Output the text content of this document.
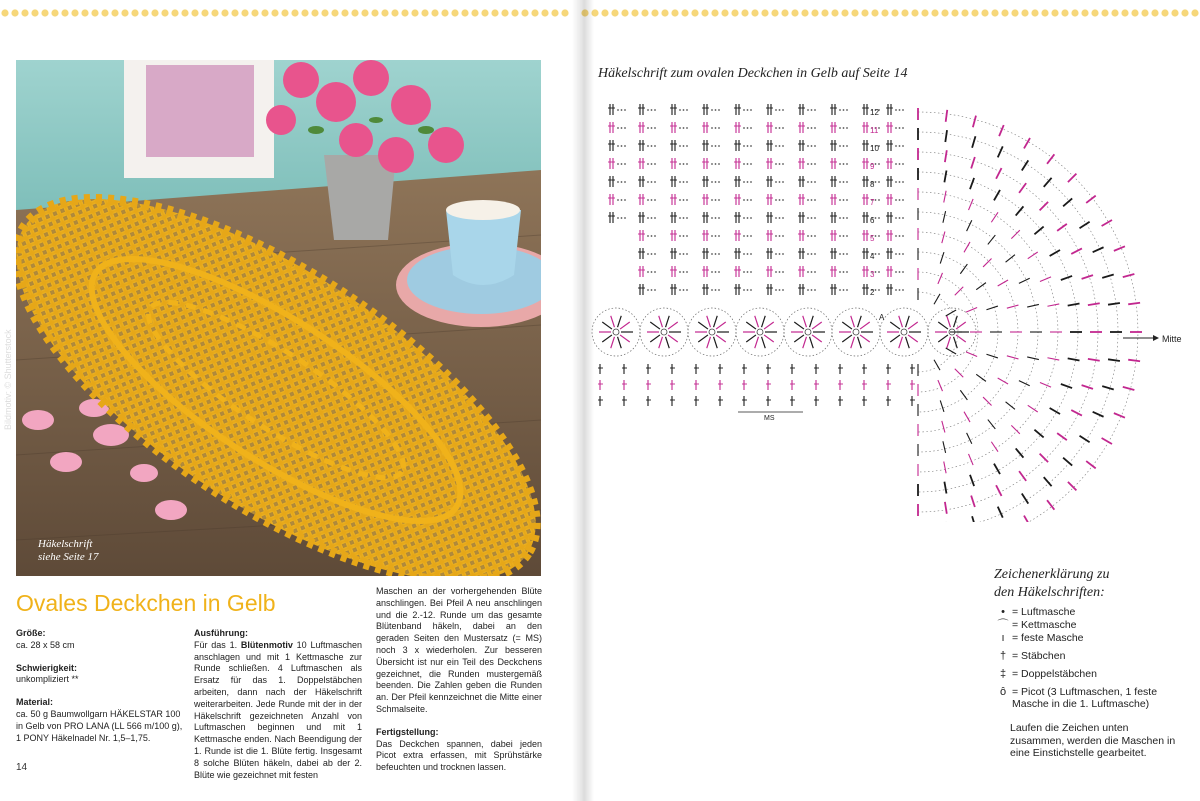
Bildmotiv: © Shutterstock
Häkelschrift
siehe Seite 17
Ovales Deckchen in Gelb
Größe:
ca. 28 x 58 cm
Schwierigkeit:
unkompliziert **
Material:
ca. 50 g Baumwollgarn HÄKELSTAR 100 in Gelb von PRO LANA (LL 566 m/100 g), 1 PONY Häkelnadel Nr. 1,5–1,75.
Ausführung:
Für das 1. Blütenmotiv 10 Luftmaschen anschlagen und mit 1 Kettmasche zur Runde schließen. 4 Luftmaschen als Ersatz für das 1. Doppelstäbchen arbeiten, dann nach der Häkelschrift weiterarbeiten. Jede Runde mit der in der Häkelschrift gezeichneten Anzahl von Luftmaschen beginnen und mit 1 Kettmasche enden. Nach Beendigung der 1. Runde ist die 1. Blüte fertig. Insgesamt 8 solche Blüten häkeln, dabei ab der 2. Blüte wie gezeichnet mit festen
Maschen an der vorhergehenden Blüte anschlingen. Bei Pfeil A neu anschlingen und die 2.-12. Runde um das gesamte Blütenband häkeln, dabei an den geraden Seiten den Mustersatz (= MS) noch 3 x wiederholen. Zur besseren Übersicht ist nur ein Teil des Deckchens gezeichnet, die Runden mustergemäß beenden. Die Zahlen geben die Runden an. Der Pfeil kennzeichnet die Mitte einer Schmalseite.
Fertigstellung:
Das Deckchen spannen, dabei jeden Picot extra erfassen, mit Sprühstärke befeuchten und trocknen lassen.
14
Häkelschrift zum ovalen Deckchen in Gelb auf Seite 14
12
11
10
9
8
7
6
5
4
3
2
A
MS
Mitte
Zeichenerklärung zu
den Häkelschriften:
• = Luftmasche
⌒ = Kettmasche
ı = feste Masche
† = Stäbchen
‡ = Doppelstäbchen
ȏ = Picot (3 Luftmaschen, 1 feste Masche in die 1. Luftmasche)
Laufen die Zeichen unten zusammen, werden die Maschen in eine Einstichstelle gearbeitet.
